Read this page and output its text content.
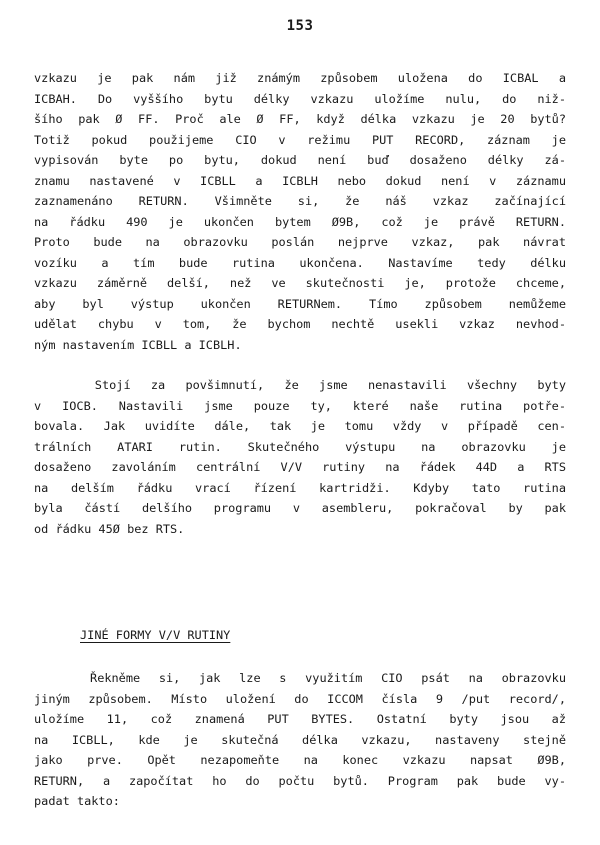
153
vzkazu je pak nám již známým způsobem uložena do ICBAL a
ICBAH. Do vyššího bytu délky vzkazu uložíme nulu, do niž-
šího pak Ø FF. Proč ale Ø FF, když délka vzkazu je 20 bytů?
Totiž pokud použijeme CIO v režimu PUT RECORD, záznam je
vypisován byte po bytu, dokud není buď dosaženo délky zá-
znamu nastavené v ICBLL a ICBLH nebo dokud není v záznamu
zaznamenáno RETURN. Všimněte si, že náš vzkaz začínající
na řádku 490 je ukončen bytem Ø9B, což je právě RETURN.
Proto bude na obrazovku poslán nejprve vzkaz, pak návrat
vozíku a tím bude rutina ukončena. Nastavíme tedy délku
vzkazu záměrně delší, než ve skutečnosti je, protože chceme,
aby byl výstup ukončen RETURNem. Tímo způsobem nemůžeme
udělat chybu v tom, že bychom nechtě usekli vzkaz nevhod-
ným nastavením ICBLL a ICBLH.
Stojí za povšimnutí, že jsme nenastavili všechny byty
v IOCB. Nastavili jsme pouze ty, které naše rutina potře-
bovala. Jak uvidíte dále, tak je tomu vždy v případě cen-
trálních ATARI rutin. Skutečného výstupu na obrazovku je
dosaženo zavoláním centrální V/V rutiny na řádek 44D a RTS
na delším řádku vrací řízení kartridži. Kdyby tato rutina
byla částí delšího programu v asembleru, pokračoval by pak
od řádku 45Ø bez RTS.
JINÉ FORMY V/V RUTINY
Řekněme si, jak lze s využitím CIO psát na obrazovku
jiným způsobem. Místo uložení do ICCOM čísla 9 /put record/,
uložíme 11, což znamená PUT BYTES. Ostatní byty jsou až
na ICBLL, kde je skutečná délka vzkazu, nastaveny stejně
jako prve. Opět nezapomeňte na konec vzkazu napsat Ø9B,
RETURN, a započítat ho do počtu bytů. Program pak bude vy-
padat takto:
